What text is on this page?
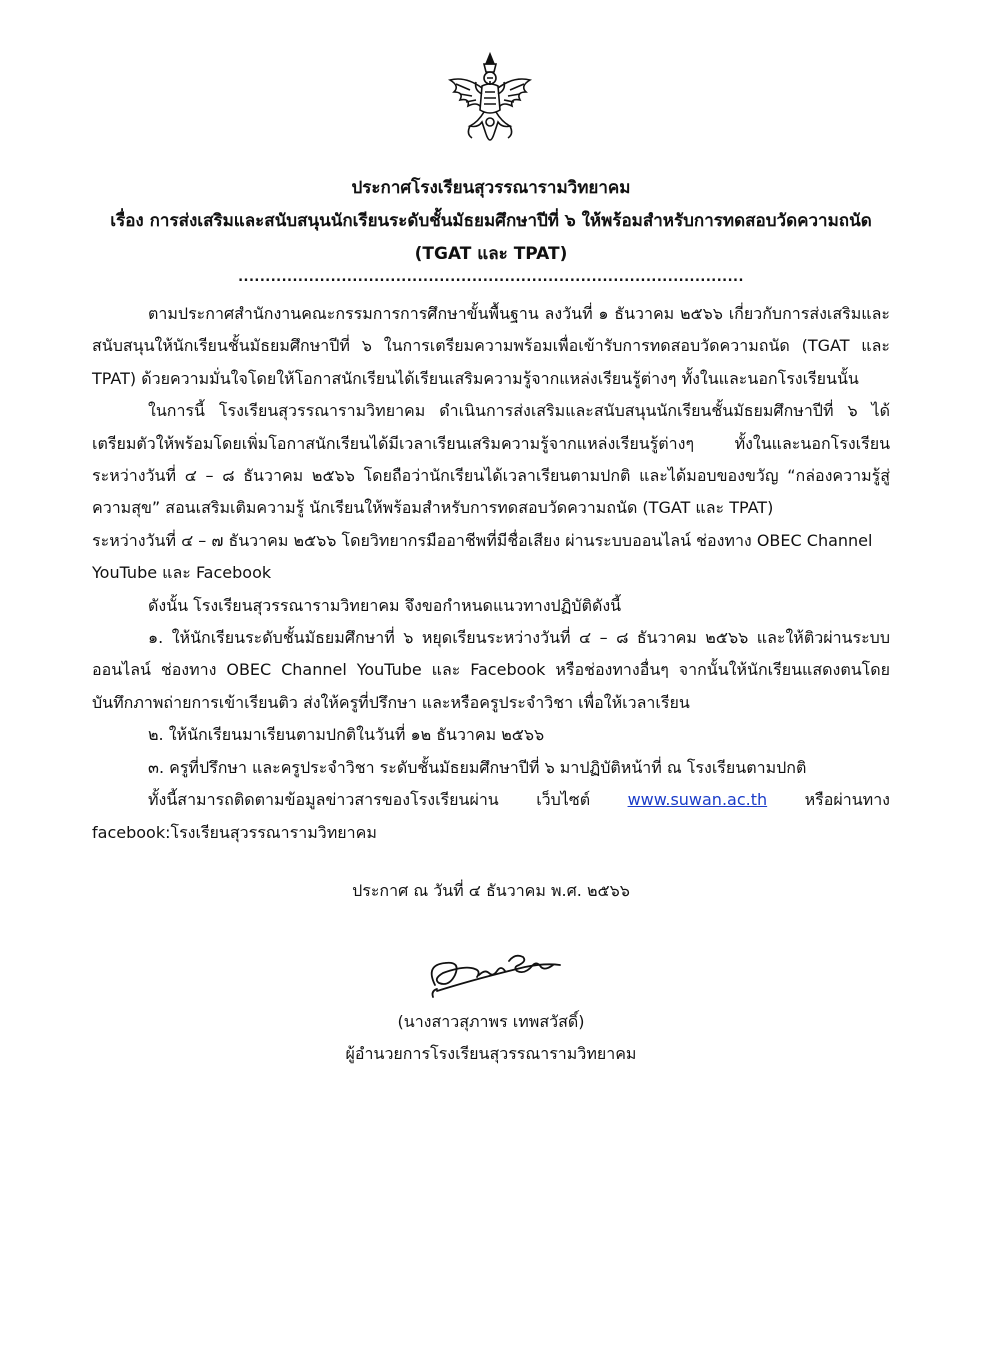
ประกาศโรงเรียนสุวรรณารามวิทยาคม
เรื่อง การส่งเสริมและสนับสนุนนักเรียนระดับชั้นมัธยมศึกษาปีที่ ๖ ให้พร้อมสำหรับการทดสอบวัดความถนัด
(TGAT และ TPAT)
.............................................................................................

ตามประกาศสำนักงานคณะกรรมการการศึกษาขั้นพื้นฐาน ลงวันที่ ๑ ธันวาคม ๒๕๖๖ เกี่ยวกับการส่งเสริมและสนับสนุนให้นักเรียนชั้นมัธยมศึกษาปีที่ ๖ ในการเตรียมความพร้อมเพื่อเข้ารับการทดสอบวัดความถนัด (TGAT และ TPAT) ด้วยความมั่นใจโดยให้โอกาสนักเรียนได้เรียนเสริมความรู้จากแหล่งเรียนรู้ต่างๆ ทั้งในและนอกโรงเรียนนั้น

ในการนี้ โรงเรียนสุวรรณารามวิทยาคม ดำเนินการส่งเสริมและสนับสนุนนักเรียนชั้นมัธยมศึกษาปีที่ ๖ ได้เตรียมตัวให้พร้อมโดยเพิ่มโอกาสนักเรียนได้มีเวลาเรียนเสริมความรู้จากแหล่งเรียนรู้ต่างๆ ทั้งในและนอกโรงเรียน ระหว่างวันที่ ๔ – ๘ ธันวาคม ๒๕๖๖ โดยถือว่านักเรียนได้เวลาเรียนตามปกติ และได้มอบของขวัญ “กล่องความรู้สู่ความสุข” สอนเสริมเติมความรู้ นักเรียนให้พร้อมสำหรับการทดสอบวัดความถนัด (TGAT และ TPAT)

ระหว่างวันที่ ๔ – ๗ ธันวาคม ๒๕๖๖ โดยวิทยากรมืออาชีพที่มีชื่อเสียง ผ่านระบบออนไลน์ ช่องทาง OBEC Channel YouTube และ Facebook

ดังนั้น โรงเรียนสุวรรณารามวิทยาคม จึงขอกำหนดแนวทางปฏิบัติดังนี้

๑. ให้นักเรียนระดับชั้นมัธยมศึกษาที่ ๖ หยุดเรียนระหว่างวันที่ ๔ – ๘ ธันวาคม ๒๕๖๖ และให้ติวผ่านระบบออนไลน์ ช่องทาง OBEC Channel YouTube และ Facebook หรือช่องทางอื่นๆ จากนั้นให้นักเรียนแสดงตนโดยบันทึกภาพถ่ายการเข้าเรียนติว ส่งให้ครูที่ปรึกษา และหรือครูประจำวิชา เพื่อให้เวลาเรียน

๒. ให้นักเรียนมาเรียนตามปกติในวันที่ ๑๒ ธันวาคม ๒๕๖๖

๓. ครูที่ปรึกษา และครูประจำวิชา ระดับชั้นมัธยมศึกษาปีที่ ๖ มาปฏิบัติหน้าที่ ณ โรงเรียนตามปกติ

ทั้งนี้สามารถติดตามข้อมูลข่าวสารของโรงเรียนผ่าน เว็บไซต์ www.suwan.ac.th หรือผ่านทาง facebook:โรงเรียนสุวรรณารามวิทยาคม

ประกาศ ณ วันที่ ๔ ธันวาคม พ.ศ. ๒๕๖๖
(นางสาวสุภาพร เทพสวัสดิ์)
ผู้อำนวยการโรงเรียนสุวรรณารามวิทยาคม
